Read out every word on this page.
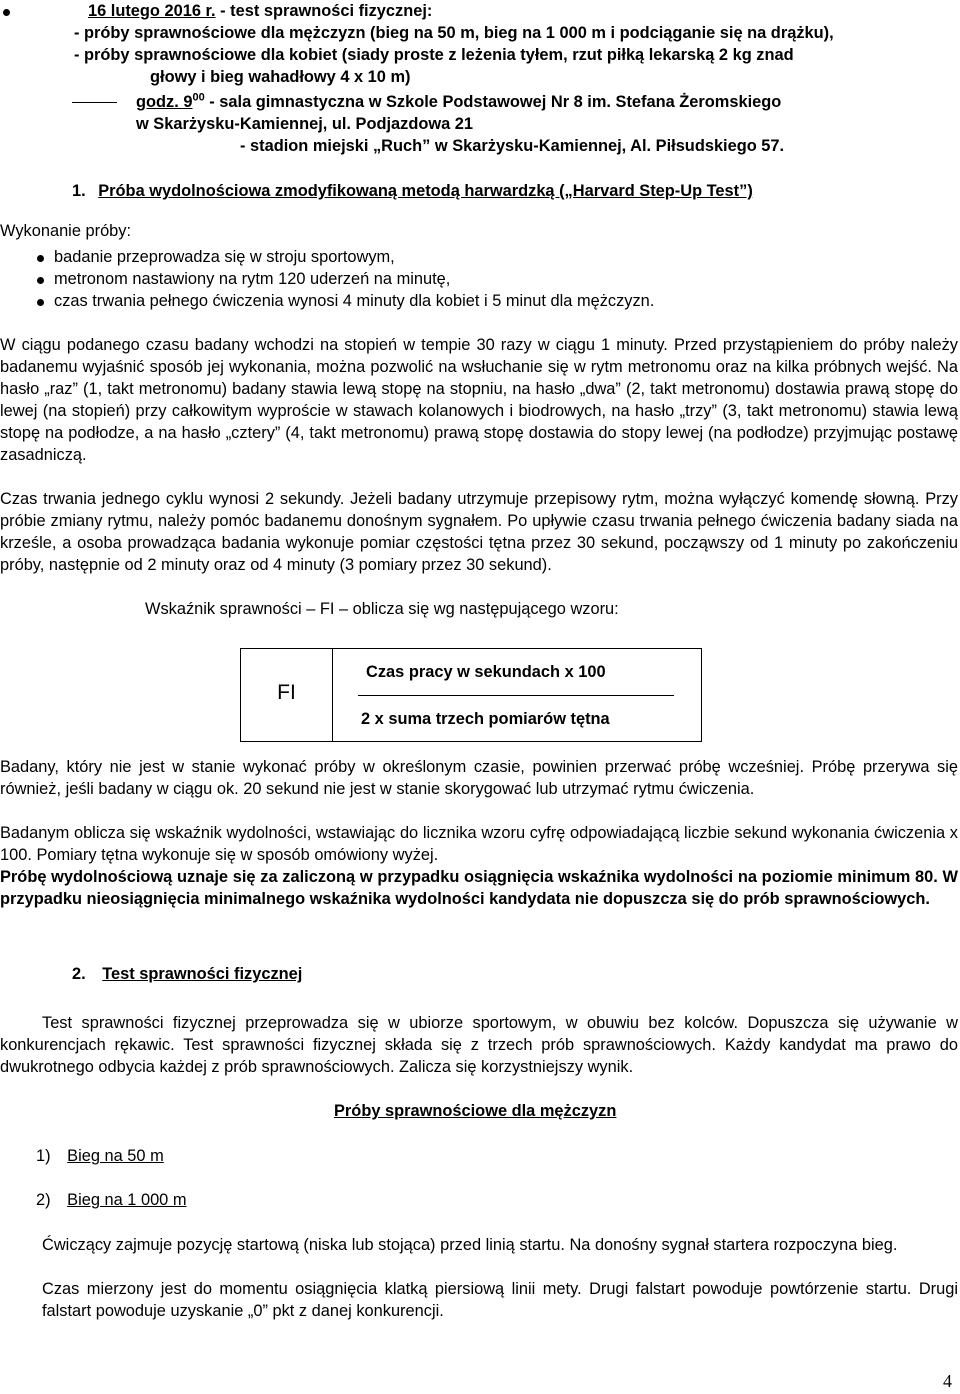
16 lutego 2016 r. - test sprawności fizycznej:
- próby sprawnościowe dla mężczyzn (bieg na 50 m, bieg na 1 000 m i podciąganie się na drążku),
- próby sprawnościowe dla kobiet (siady proste z leżenia tyłem, rzut piłką lekarską 2 kg znad
głowy i bieg wahadłowy 4 x 10 m)
godz. $9^{00}$ - sala gimnastyczna w Szkole Podstawowej Nr 8 im. Stefana Żeromskiego
w Skarżysku-Kamiennej, ul. Podjazdowa 21
- stadion miejski „Ruch” w Skarżysku-Kamiennej, Al. Piłsudskiego 57.
1. Próba wydolnościowa zmodyfikowaną metodą harwardzką („Harvard Step-Up Test”)
Wykonanie próby:
badanie przeprowadza się w stroju sportowym,
metronom nastawiony na rytm 120 uderzeń na minutę,
czas trwania pełnego ćwiczenia wynosi 4 minuty dla kobiet i 5 minut dla mężczyzn.
W ciągu podanego czasu badany wchodzi na stopień w tempie 30 razy w ciągu 1 minuty. Przed przystąpieniem do próby należy badanemu wyjaśnić sposób jej wykonania, można pozwolić na wsłuchanie się w rytm metronomu oraz na kilka próbnych wejść. Na hasło „raz” (1, takt metronomu) badany stawia lewą stopę na stopniu, na hasło „dwa” (2, takt metronomu) dostawia prawą stopę do lewej (na stopień) przy całkowitym wyproście w stawach kolanowych i biodrowych, na hasło „trzy” (3, takt metronomu) stawia lewą stopę na podłodze, a na hasło „cztery” (4, takt metronomu) prawą stopę dostawia do stopy lewej (na podłodze) przyjmując postawę zasadniczą.
Czas trwania jednego cyklu wynosi 2 sekundy. Jeżeli badany utrzymuje przepisowy rytm, można wyłączyć komendę słowną. Przy próbie zmiany rytmu, należy pomóc badanemu donośnym sygnałem. Po upływie czasu trwania pełnego ćwiczenia badany siada na krześle, a osoba prowadząca badania wykonuje pomiar częstości tętna przez 30 sekund, począwszy od 1 minuty po zakończeniu próby, następnie od 2 minuty oraz od 4 minuty (3 pomiary przez 30 sekund).
Wskaźnik sprawności – FI – oblicza się wg następującego wzoru:
FI
Czas pracy w sekundach x 100
2 x suma trzech pomiarów tętna
Badany, który nie jest w stanie wykonać próby w określonym czasie, powinien przerwać próbę wcześniej. Próbę przerywa się również, jeśli badany w ciągu ok. 20 sekund nie jest w stanie skorygować lub utrzymać rytmu ćwiczenia.
Badanym oblicza się wskaźnik wydolności, wstawiając do licznika wzoru cyfrę odpowiadającą liczbie sekund wykonania ćwiczenia x 100. Pomiary tętna wykonuje się w sposób omówiony wyżej.
Próbę wydolnościową uznaje się za zaliczoną w przypadku osiągnięcia wskaźnika wydolności na poziomie minimum 80. W przypadku nieosiągnięcia minimalnego wskaźnika wydolności kandydata nie dopuszcza się do prób sprawnościowych.
2. Test sprawności fizycznej
Test sprawności fizycznej przeprowadza się w ubiorze sportowym, w obuwiu bez kolców. Dopuszcza się używanie w konkurencjach rękawic. Test sprawności fizycznej składa się z trzech prób sprawnościowych. Każdy kandydat ma prawo do dwukrotnego odbycia każdej z prób sprawnościowych. Zalicza się korzystniejszy wynik.
Próby sprawnościowe dla mężczyzn
1) Bieg na 50 m
2) Bieg na 1 000 m
Ćwiczący zajmuje pozycję startową (niska lub stojąca) przed linią startu. Na donośny sygnał startera rozpoczyna bieg.
Czas mierzony jest do momentu osiągnięcia klatką piersiową linii mety. Drugi falstart powoduje powtórzenie startu. Drugi falstart powoduje uzyskanie „0” pkt z danej konkurencji.
4
